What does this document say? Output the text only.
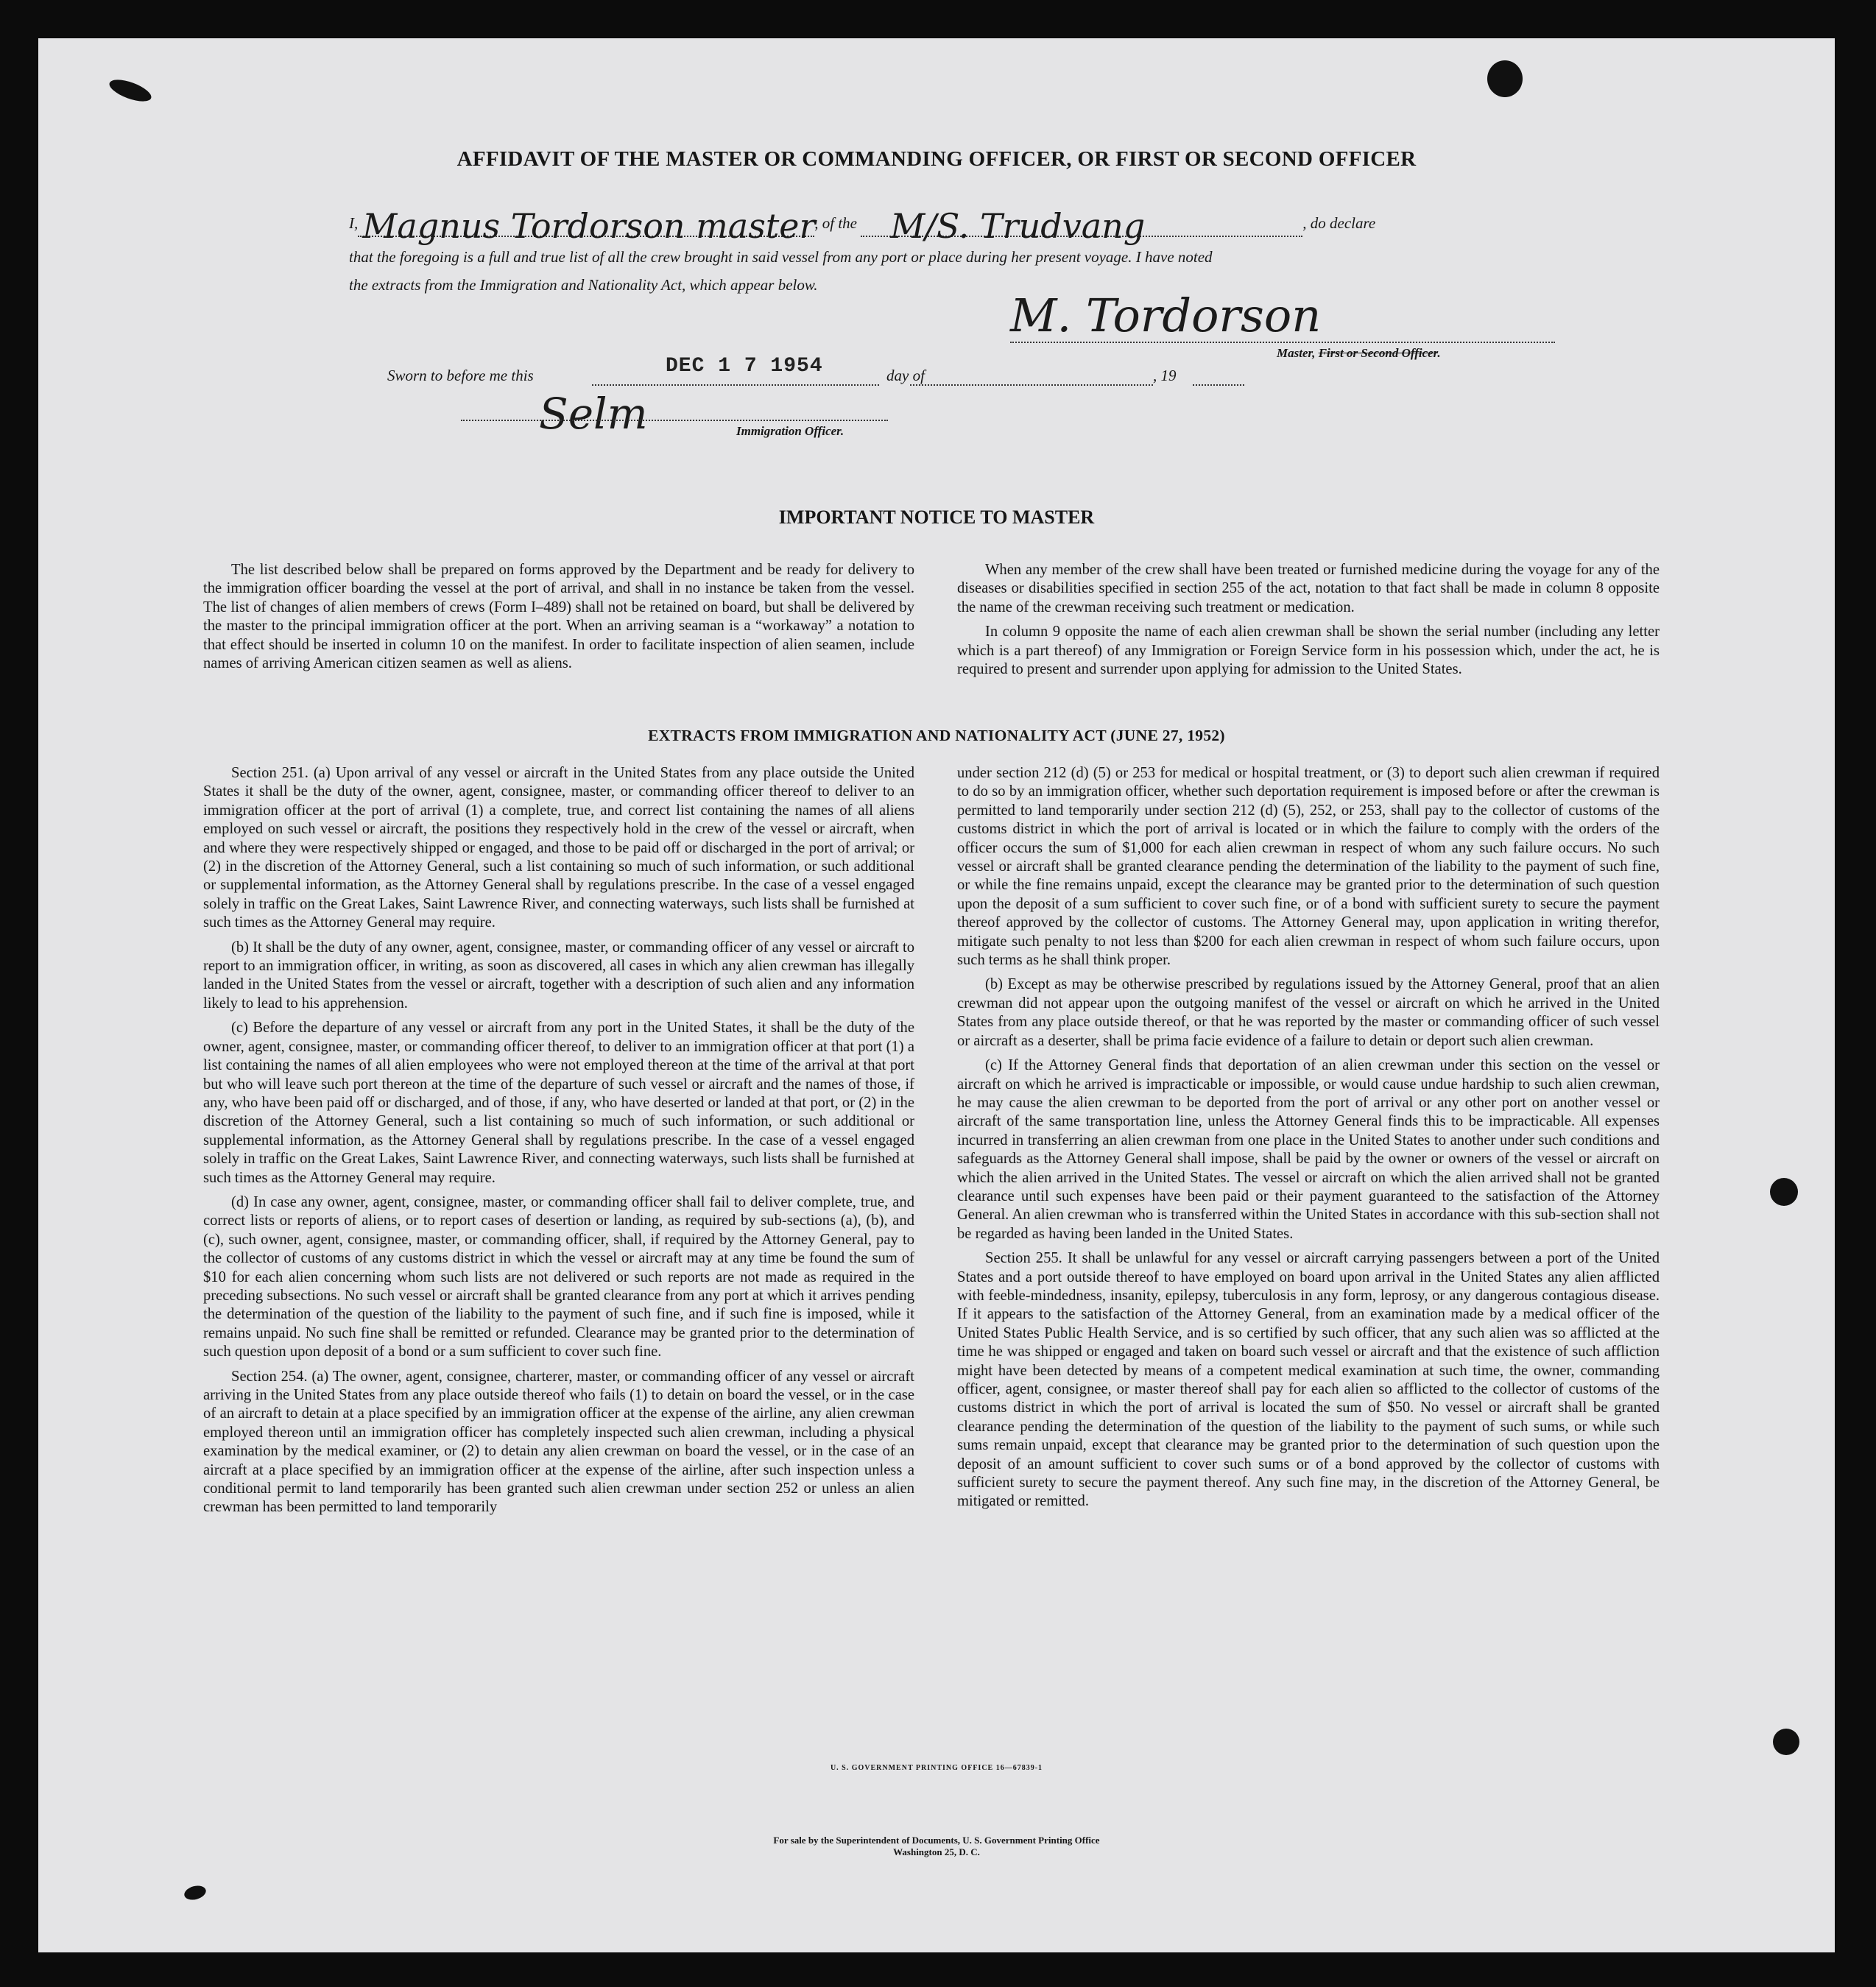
AFFIDAVIT OF THE MASTER OR COMMANDING OFFICER, OR FIRST OR SECOND OFFICER
I, Magnus Tordorson master
, of the M/S. Trudvang	, do declare
that the foregoing is a full and true list of all the crew brought in said vessel from any port or place during her present voyage. I have noted
the extracts from the Immigration and Nationality Act, which appear below.
M. Tordorson
Master, First or Second Officer.
Sworn to before me this	DEC 1 7 1954	day of	, 19
Selm	Immigration Officer.
IMPORTANT NOTICE TO MASTER

The list described below shall be prepared on forms approved by the Department and be ready for delivery to the immigration officer boarding the vessel at the port of arrival, and shall in no instance be taken from the vessel. The list of changes of alien members of crews (Form I–489) shall not be retained on board, but shall be delivered by the master to the principal immigration officer at the port. When an arriving seaman is a “workaway” a notation to that effect should be inserted in column 10 on the manifest. In order to facilitate inspection of alien seamen, include names of arriving American citizen seamen as well as aliens.

When any member of the crew shall have been treated or furnished medicine during the voyage for any of the diseases or disabilities specified in section 255 of the act, notation to that fact shall be made in column 8 opposite the name of the crewman receiving such treatment or medication.

In column 9 opposite the name of each alien crewman shall be shown the serial number (including any letter which is a part thereof) of any Immigration or Foreign Service form in his possession which, under the act, he is required to present and surrender upon applying for admission to the United States.

EXTRACTS FROM IMMIGRATION AND NATIONALITY ACT (JUNE 27, 1952)

Section 251. (a) Upon arrival of any vessel or aircraft in the United States from any place outside the United States it shall be the duty of the owner, agent, consignee, master, or commanding officer thereof to deliver to an immigration officer at the port of arrival (1) a complete, true, and correct list containing the names of all aliens employed on such vessel or aircraft, the positions they respectively hold in the crew of the vessel or aircraft, when and where they were respectively shipped or engaged, and those to be paid off or discharged in the port of arrival; or (2) in the discretion of the Attorney General, such a list containing so much of such information, or such additional or supplemental information, as the Attorney General shall by regulations prescribe. In the case of a vessel engaged solely in traffic on the Great Lakes, Saint Lawrence River, and connecting waterways, such lists shall be furnished at such times as the Attorney General may require.

(b) It shall be the duty of any owner, agent, consignee, master, or commanding officer of any vessel or aircraft to report to an immigration officer, in writing, as soon as discovered, all cases in which any alien crewman has illegally landed in the United States from the vessel or aircraft, together with a description of such alien and any information likely to lead to his apprehension.

(c) Before the departure of any vessel or aircraft from any port in the United States, it shall be the duty of the owner, agent, consignee, master, or commanding officer thereof, to deliver to an immigration officer at that port (1) a list containing the names of all alien employees who were not employed thereon at the time of the arrival at that port but who will leave such port thereon at the time of the departure of such vessel or aircraft and the names of those, if any, who have been paid off or discharged, and of those, if any, who have deserted or landed at that port, or (2) in the discretion of the Attorney General, such a list containing so much of such information, or such additional or supplemental information, as the Attorney General shall by regulations prescribe. In the case of a vessel engaged solely in traffic on the Great Lakes, Saint Lawrence River, and connecting waterways, such lists shall be furnished at such times as the Attorney General may require.

(d) In case any owner, agent, consignee, master, or commanding officer shall fail to deliver complete, true, and correct lists or reports of aliens, or to report cases of desertion or landing, as required by sub-sections (a), (b), and (c), such owner, agent, consignee, master, or commanding officer, shall, if required by the Attorney General, pay to the collector of customs of any customs district in which the vessel or aircraft may at any time be found the sum of $10 for each alien concerning whom such lists are not delivered or such reports are not made as required in the preceding subsections. No such vessel or aircraft shall be granted clearance from any port at which it arrives pending the determination of the question of the liability to the payment of such fine, and if such fine is imposed, while it remains unpaid. No such fine shall be remitted or refunded. Clearance may be granted prior to the determination of such question upon deposit of a bond or a sum sufficient to cover such fine.

Section 254. (a) The owner, agent, consignee, charterer, master, or commanding officer of any vessel or aircraft arriving in the United States from any place outside thereof who fails (1) to detain on board the vessel, or in the case of an aircraft to detain at a place specified by an immigration officer at the expense of the airline, any alien crewman employed thereon until an immigration officer has completely inspected such alien crewman, including a physical examination by the medical examiner, or (2) to detain any alien crewman on board the vessel, or in the case of an aircraft at a place specified by an immigration officer at the expense of the airline, after such inspection unless a conditional permit to land temporarily has been granted such alien crewman under section 252 or unless an alien crewman has been permitted to land temporarily

under section 212 (d) (5) or 253 for medical or hospital treatment, or (3) to deport such alien crewman if required to do so by an immigration officer, whether such deportation requirement is imposed before or after the crewman is permitted to land temporarily under section 212 (d) (5), 252, or 253, shall pay to the collector of customs of the customs district in which the port of arrival is located or in which the failure to comply with the orders of the officer occurs the sum of $1,000 for each alien crewman in respect of whom any such failure occurs. No such vessel or aircraft shall be granted clearance pending the determination of the liability to the payment of such fine, or while the fine remains unpaid, except the clearance may be granted prior to the determination of such question upon the deposit of a sum sufficient to cover such fine, or of a bond with sufficient surety to secure the payment thereof approved by the collector of customs. The Attorney General may, upon application in writing therefor, mitigate such penalty to not less than $200 for each alien crewman in respect of whom such failure occurs, upon such terms as he shall think proper.

(b) Except as may be otherwise prescribed by regulations issued by the Attorney General, proof that an alien crewman did not appear upon the outgoing manifest of the vessel or aircraft on which he arrived in the United States from any place outside thereof, or that he was reported by the master or commanding officer of such vessel or aircraft as a deserter, shall be prima facie evidence of a failure to detain or deport such alien crewman.

(c) If the Attorney General finds that deportation of an alien crewman under this section on the vessel or aircraft on which he arrived is impracticable or impossible, or would cause undue hardship to such alien crewman, he may cause the alien crewman to be deported from the port of arrival or any other port on another vessel or aircraft of the same transportation line, unless the Attorney General finds this to be impracticable. All expenses incurred in transferring an alien crewman from one place in the United States to another under such conditions and safeguards as the Attorney General shall impose, shall be paid by the owner or owners of the vessel or aircraft on which the alien arrived in the United States. The vessel or aircraft on which the alien arrived shall not be granted clearance until such expenses have been paid or their payment guaranteed to the satisfaction of the Attorney General. An alien crewman who is transferred within the United States in accordance with this sub-section shall not be regarded as having been landed in the United States.

Section 255. It shall be unlawful for any vessel or aircraft carrying passengers between a port of the United States and a port outside thereof to have employed on board upon arrival in the United States any alien afflicted with feeble-mindedness, insanity, epilepsy, tuberculosis in any form, leprosy, or any dangerous contagious disease. If it appears to the satisfaction of the Attorney General, from an examination made by a medical officer of the United States Public Health Service, and is so certified by such officer, that any such alien was so afflicted at the time he was shipped or engaged and taken on board such vessel or aircraft and that the existence of such affliction might have been detected by means of a competent medical examination at such time, the owner, commanding officer, agent, consignee, or master thereof shall pay for each alien so afflicted to the collector of customs of the customs district in which the port of arrival is located the sum of $50. No vessel or aircraft shall be granted clearance pending the determination of the question of the liability to the payment of such sums, or while such sums remain unpaid, except that clearance may be granted prior to the determination of such question upon the deposit of an amount sufficient to cover such sums or of a bond approved by the collector of customs with sufficient surety to secure the payment thereof. Any such fine may, in the discretion of the Attorney General, be mitigated or remitted.

U. S. GOVERNMENT PRINTING OFFICE 16—67839-1
For sale by the Superintendent of Documents, U. S. Government Printing Office
Washington 25, D. C.
